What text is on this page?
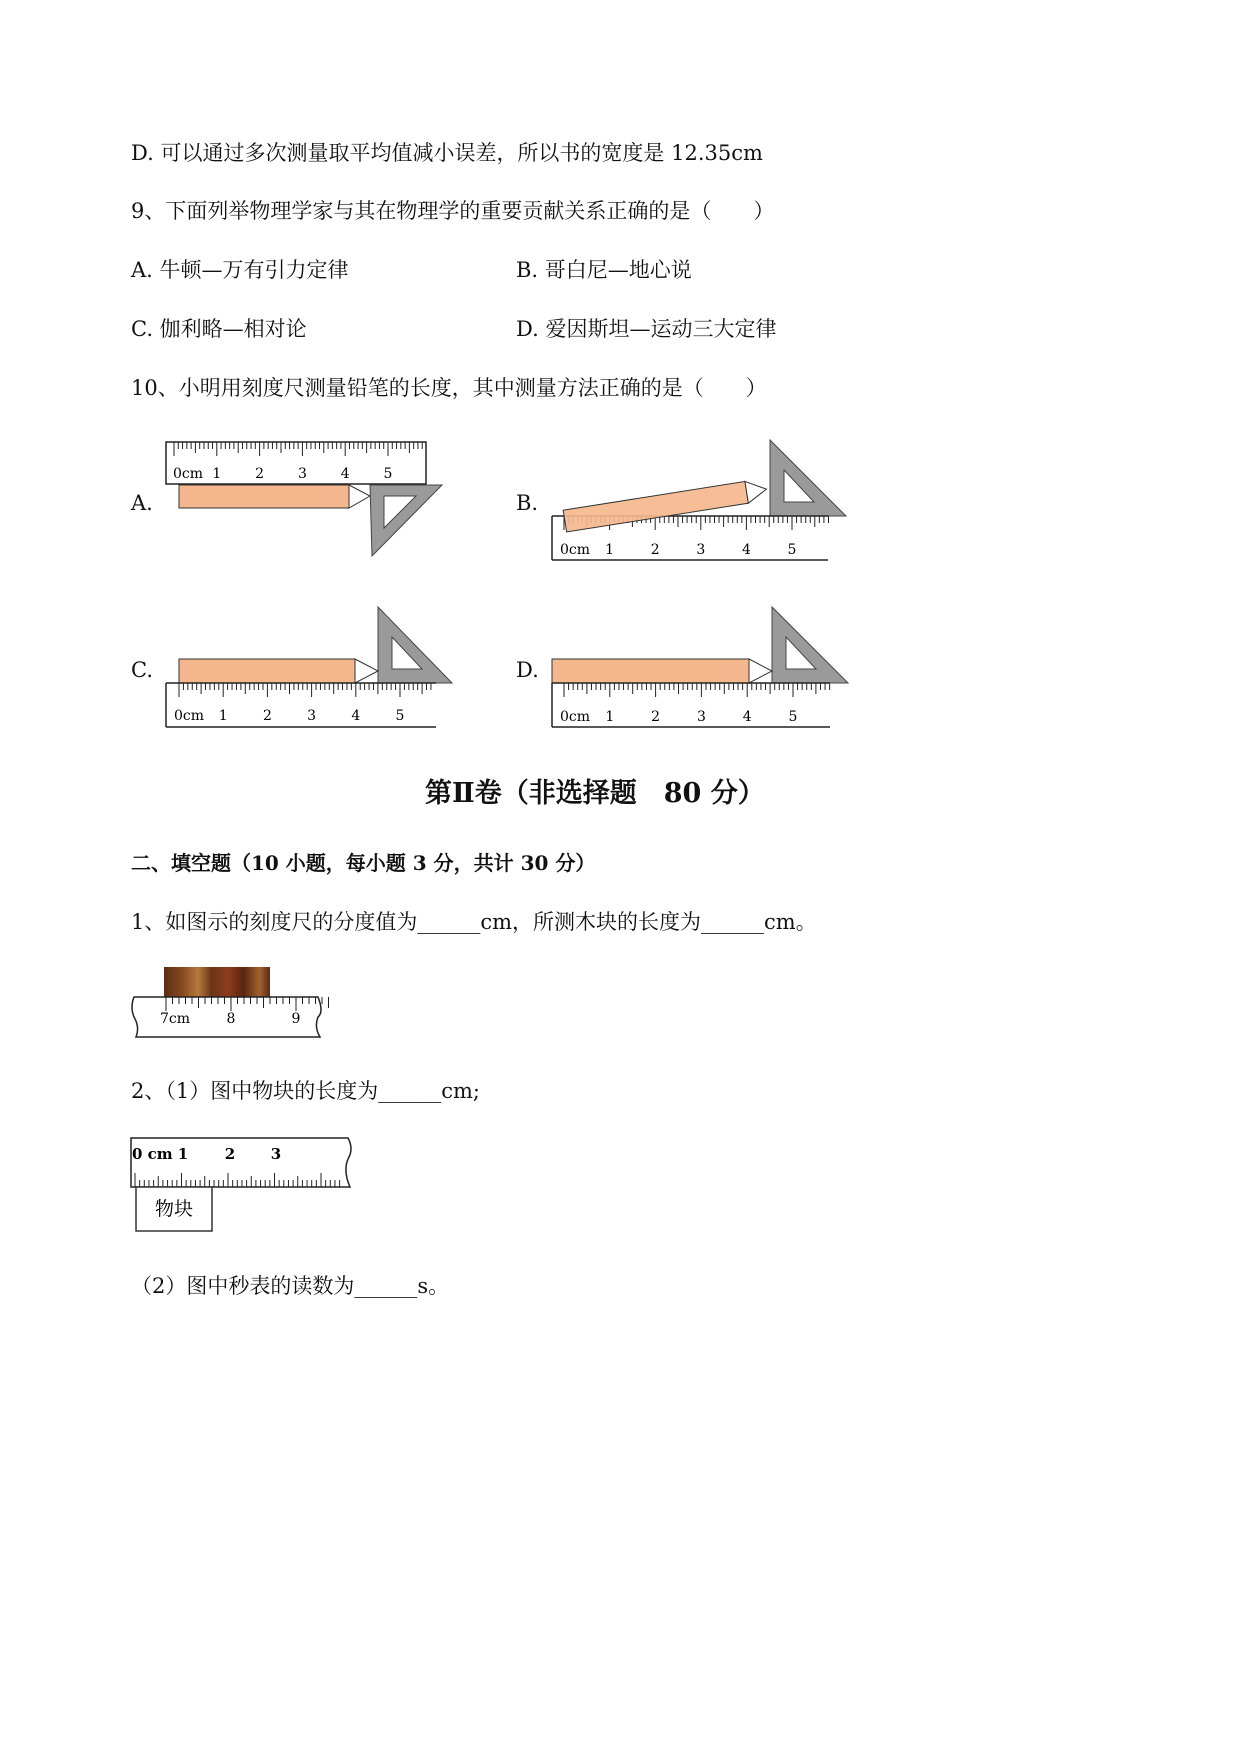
D. 可以通过多次测量取平均值减小误差，所以书的宽度是 12.35cm
9、下面列举物理学家与其在物理学的重要贡献关系正确的是（　　）
A. 牛顿—万有引力定律	B. 哥白尼—地心说
C. 伽利略—相对论	D. 爱因斯坦—运动三大定律
10、小明用刻度尺测量铅笔的长度，其中测量方法正确的是（　　）
A.	B.
C.	D.
0cm 1 2 3 4 5
0cm 1	2	3	4	5
0cm 1	2	3	4	5	0cm 1	2	3	4	5
第Ⅱ卷（非选择题　80 分）
二、填空题（10 小题，每小题 3 分，共计 30 分）
1、如图示的刻度尺的分度值为______cm，所测木块的长度为______cm。
7cm	8	9
2、（1）图中物块的长度为______cm;
0 cm 1 2 3
物块
（2）图中秒表的读数为______s。
